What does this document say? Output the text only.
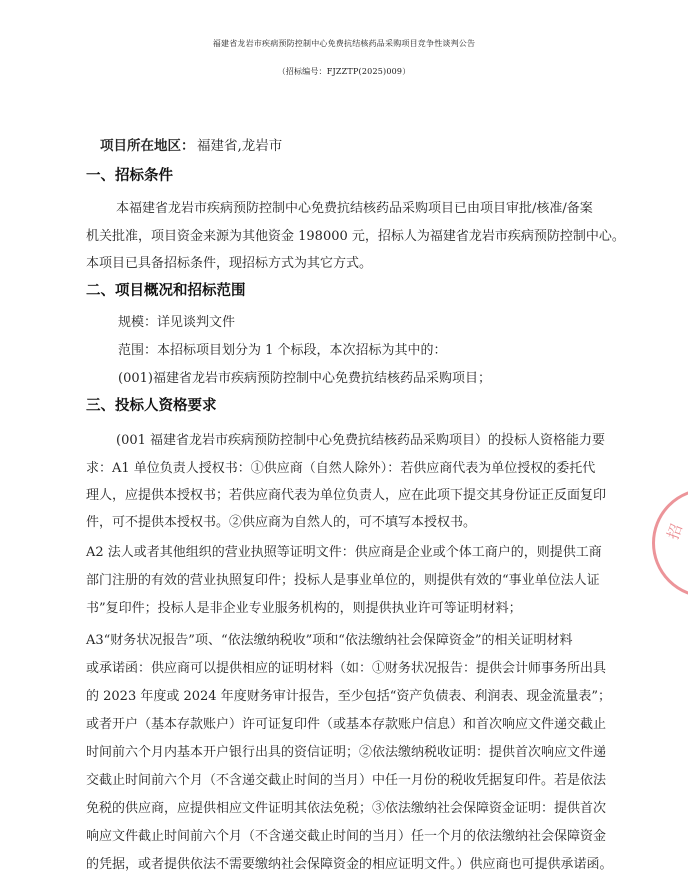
福建省龙岩市疾病预防控制中心免费抗结核药品采购项目竞争性谈判公告
（招标编号：FJZZTP(2025)009）
项目所在地区： 福建省,龙岩市
一、招标条件
本福建省龙岩市疾病预防控制中心免费抗结核药品采购项目已由项目审批/核准/备案
机关批准，项目资金来源为其他资金 198000 元，招标人为福建省龙岩市疾病预防控制中心。
本项目已具备招标条件，现招标方式为其它方式。
二、项目概况和招标范围
规模：详见谈判文件
范围：本招标项目划分为 1 个标段，本次招标为其中的：
(001)福建省龙岩市疾病预防控制中心免费抗结核药品采购项目；
三、投标人资格要求
(001 福建省龙岩市疾病预防控制中心免费抗结核药品采购项目）的投标人资格能力要
求：A1 单位负责人授权书：①供应商（自然人除外）：若供应商代表为单位授权的委托代
理人，应提供本授权书；若供应商代表为单位负责人，应在此项下提交其身份证正反面复印
件，可不提供本授权书。②供应商为自然人的，可不填写本授权书。
A2 法人或者其他组织的营业执照等证明文件：供应商是企业或个体工商户的，则提供工商
部门注册的有效的营业执照复印件；投标人是事业单位的，则提供有效的“事业单位法人证
书”复印件；投标人是非企业专业服务机构的，则提供执业许可等证明材料；
A3“财务状况报告”项、“依法缴纳税收”项和“依法缴纳社会保障资金”的相关证明材料
或承诺函：供应商可以提供相应的证明材料（如：①财务状况报告：提供会计师事务所出具
的 2023 年度或 2024 年度财务审计报告，至少包括“资产负债表、利润表、现金流量表”；
或者开户（基本存款账户）许可证复印件（或基本存款账户信息）和首次响应文件递交截止
时间前六个月内基本开户银行出具的资信证明；②依法缴纳税收证明：提供首次响应文件递
交截止时间前六个月（不含递交截止时间的当月）中任一月份的税收凭据复印件。若是依法
免税的供应商，应提供相应文件证明其依法免税；③依法缴纳社会保障资金证明：提供首次
响应文件截止时间前六个月（不含递交截止时间的当月）任一个月的依法缴纳社会保障资金
的凭据，或者提供依法不需要缴纳社会保障资金的相应证明文件。）供应商也可提供承诺函。
招
